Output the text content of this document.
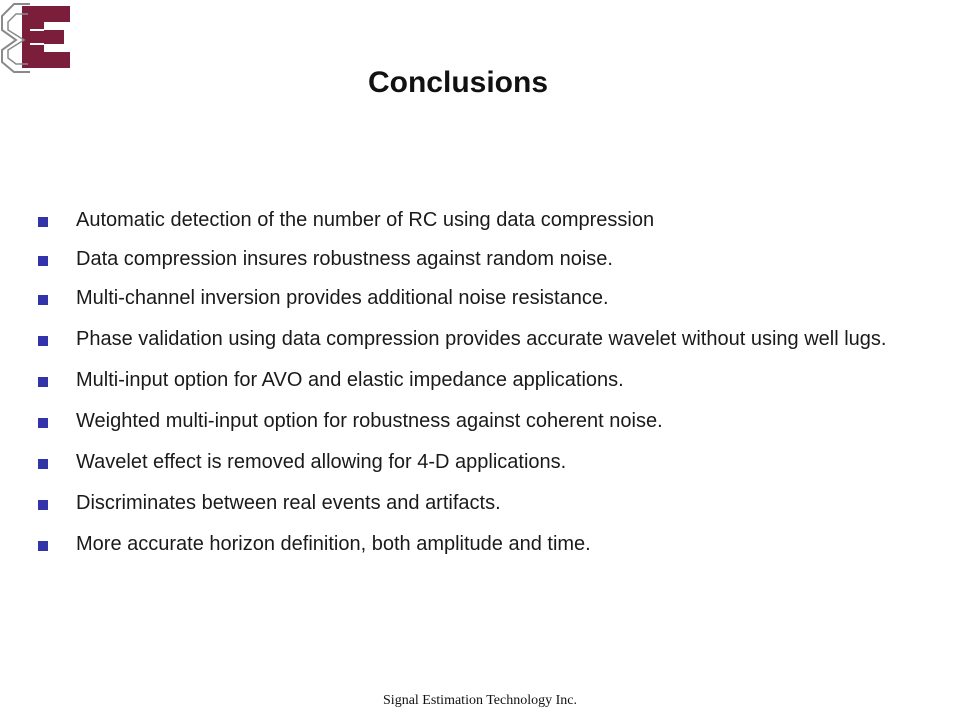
Conclusions
Automatic detection of the number of RC using data compression
Data compression insures robustness against random noise.
Multi-channel inversion provides additional noise resistance.
Phase validation using data compression provides accurate wavelet without using well lugs.
Multi-input option for AVO and elastic impedance applications.
Weighted multi-input option for robustness against coherent noise.
Wavelet effect is removed allowing for 4-D applications.
Discriminates between real events and artifacts.
More accurate horizon definition, both amplitude and time.
Signal Estimation Technology Inc.
